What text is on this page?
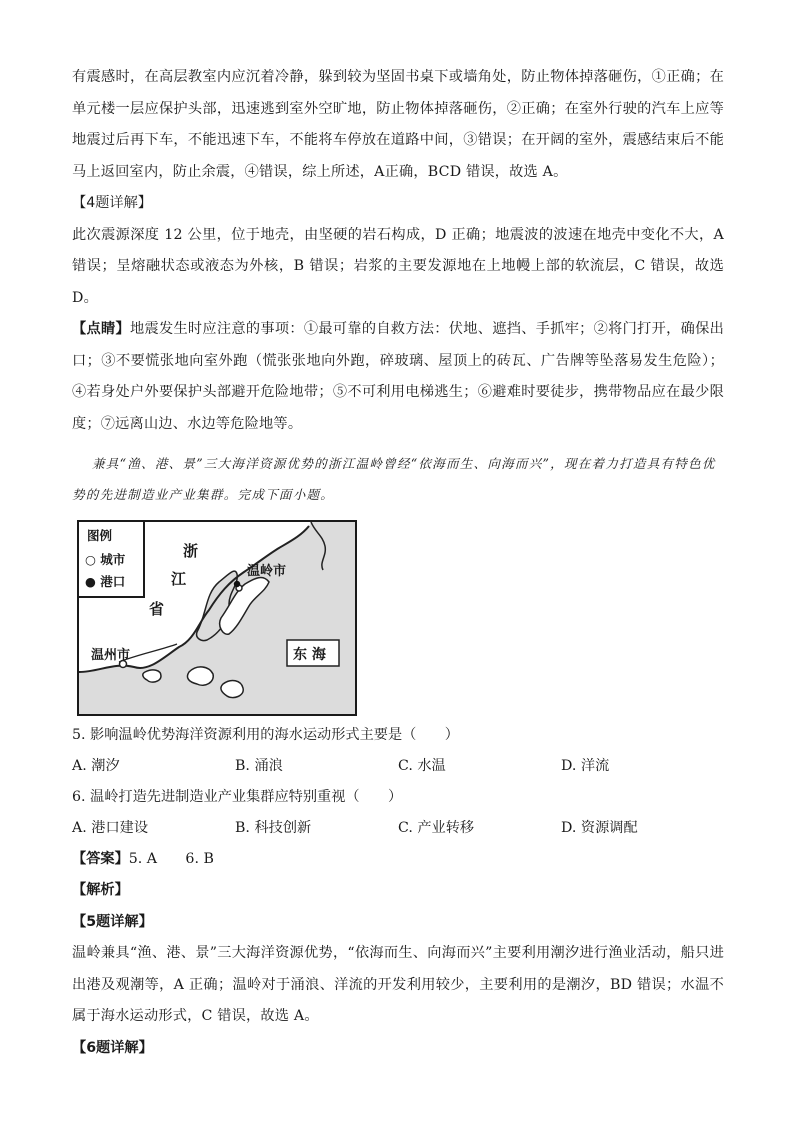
有震感时，在高层教室内应沉着冷静，躲到较为坚固书桌下或墙角处，防止物体掉落砸伤，①正确；在单元楼一层应保护头部，迅速逃到室外空旷地，防止物体掉落砸伤，②正确；在室外行驶的汽车上应等地震过后再下车，不能迅速下车，不能将车停放在道路中间，③错误；在开阔的室外，震感结束后不能马上返回室内，防止余震，④错误，综上所述，A正确，BCD 错误，故选 A。

【4题详解】

此次震源深度 12 公里，位于地壳，由坚硬的岩石构成，D 正确；地震波的波速在地壳中变化不大，A 错误；呈熔融状态或液态为外核，B 错误；岩浆的主要发源地在上地幔上部的软流层，C 错误，故选 D。

【点睛】地震发生时应注意的事项：①最可靠的自救方法：伏地、遮挡、手抓牢；②将门打开，确保出口；③不要慌张地向室外跑（慌张张地向外跑，碎玻璃、屋顶上的砖瓦、广告牌等坠落易发生危险）；④若身处户外要保护头部避开危险地带；⑤不可利用电梯逃生；⑥避难时要徒步，携带物品应在最少限度；⑦远离山边、水边等危险地等。

兼具“渔、港、景”三大海洋资源优势的浙江温岭曾经“依海而生、向海而兴”，现在着力打造具有特色优势的先进制造业产业集群。完成下面小题。

图例
○ 城市
● 港口
浙
江
省
温岭市
温州市	东 海

5. 影响温岭优势海洋资源利用的海水运动形式主要是（　　）

A. 潮汐	B. 涌浪	C. 水温	D. 洋流

6. 温岭打造先进制造业产业集群应特别重视（　　）

A. 港口建设	B. 科技创新	C. 产业转移	D. 资源调配

【答案】5. A　　6. B

【解析】

【5题详解】

温岭兼具“渔、港、景”三大海洋资源优势，“依海而生、向海而兴”主要利用潮汐进行渔业活动，船只进出港及观潮等，A 正确；温岭对于涌浪、洋流的开发利用较少，主要利用的是潮汐，BD 错误；水温不属于海水运动形式，C 错误，故选 A。

【6题详解】
